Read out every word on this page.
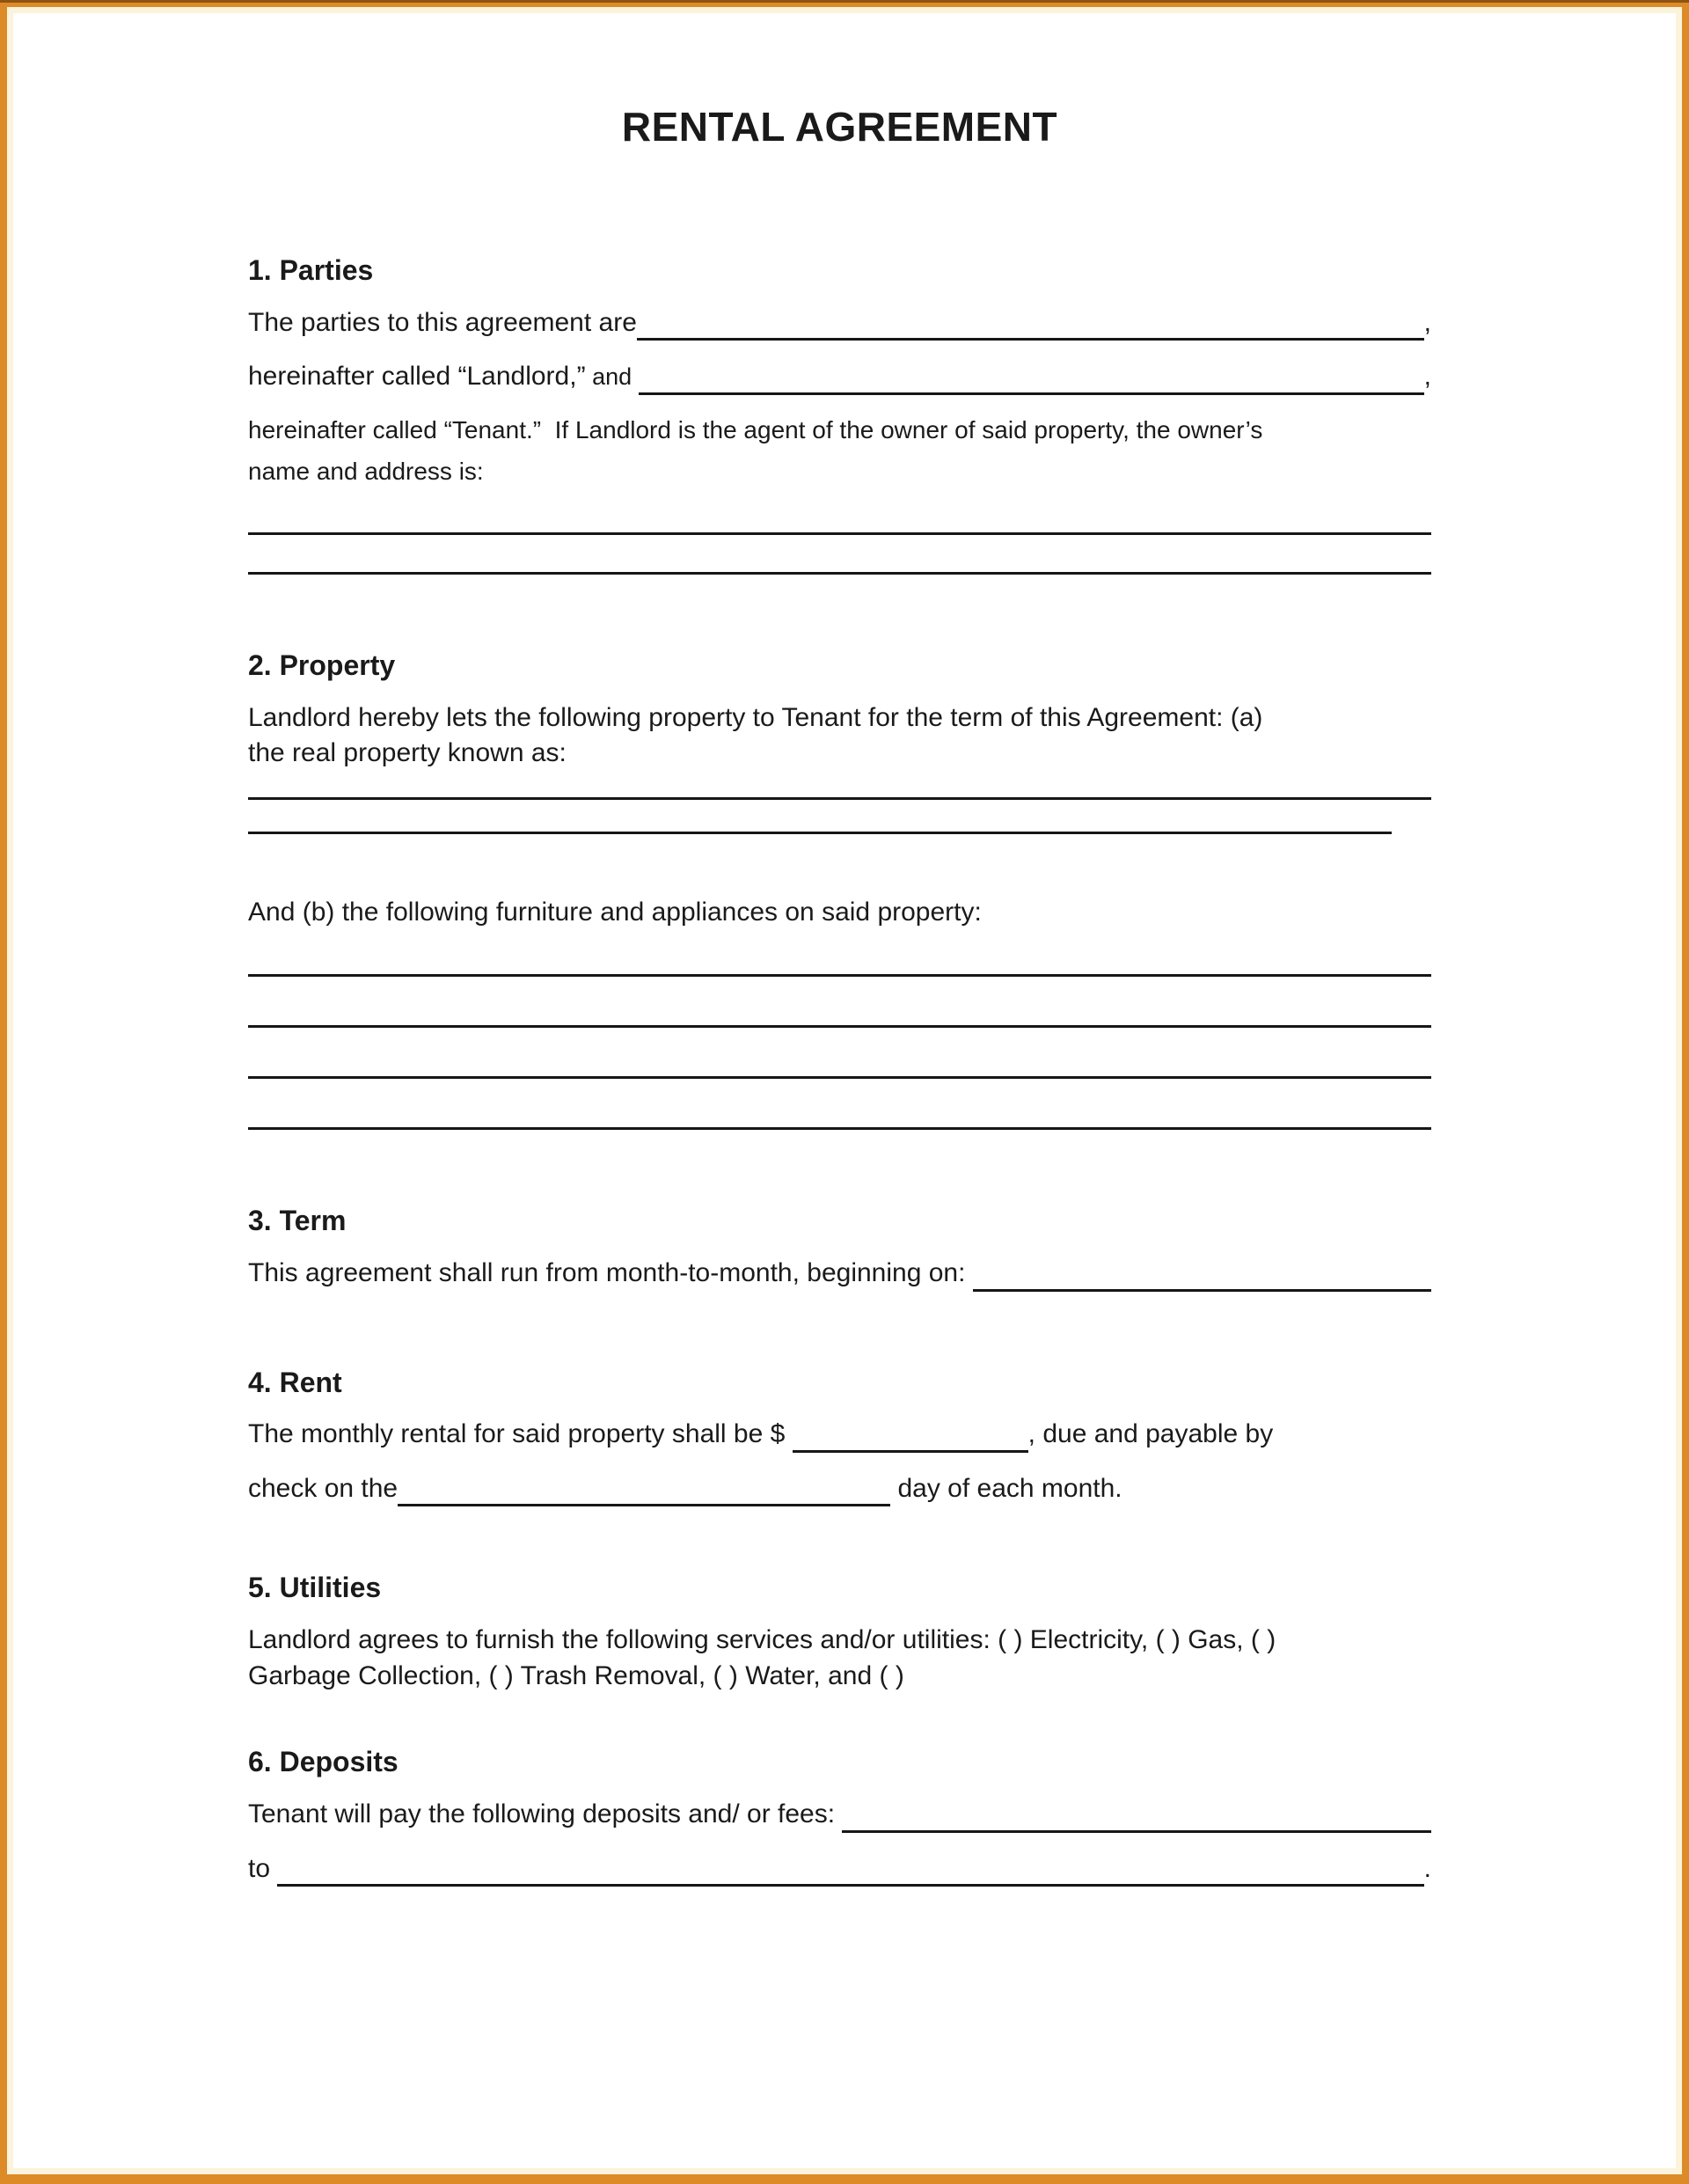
RENTAL AGREEMENT
1. Parties
The parties to this agreement are
	,
hereinafter called “Landlord,” and
	,
hereinafter called “Tenant.”  If Landlord is the agent of the owner of said property, the owner’s
name and address is:
2. Property
Landlord hereby lets the following property to Tenant for the term of this Agreement: (a)
the real property known as:
And (b) the following furniture and appliances on said property:
3. Term
This agreement shall run from month-to-month, beginning on:

4. Rent
The monthly rental for said property shall be $
	, due and payable by
check on the
	day of each month.
5. Utilities
Landlord agrees to furnish the following services and/or utilities: ( ) Electricity, ( ) Gas, ( )
Garbage Collection, ( ) Trash Removal, ( ) Water, and ( )
6. Deposits
Tenant will pay the following deposits and/ or fees:

to
	.
